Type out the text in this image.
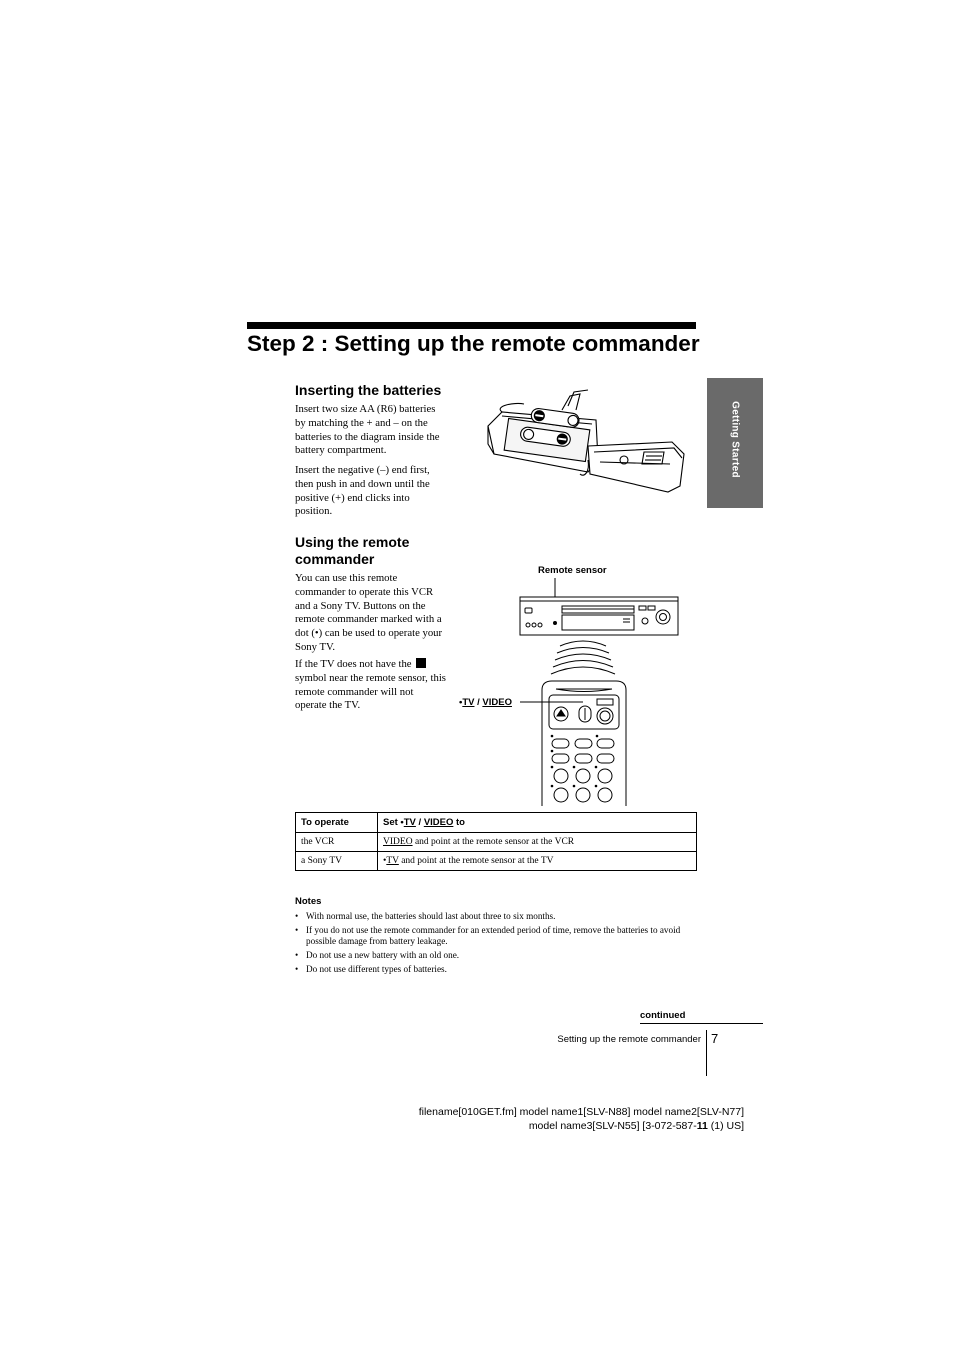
Step 2 : Setting up the remote commander
Getting Started
Inserting the batteries
Insert two size AA (R6) batteries
by matching the + and – on the
batteries to the diagram inside the
battery compartment.
Insert the negative (–) end first,
then push in and down until the
positive (+) end clicks into
position.
Using the remote
commander
You can use this remote
commander to operate this VCR
and a Sony TV. Buttons on the
remote commander marked with a
dot (•) can be used to operate your
Sony TV.
If the TV does not have the
symbol near the remote sensor, this
remote commander will not
operate the TV.
Remote sensor
•TV / VIDEO
To operate	Set •TV / VIDEO to
the VCR	VIDEO and point at the remote sensor at the VCR
a Sony TV	•TV and point at the remote sensor at the TV
Notes
• With normal use, the batteries should last about three to six months.
• If you do not use the remote commander for an extended period of time, remove the batteries to avoid possible damage from battery leakage.
• Do not use a new battery with an old one.
• Do not use different types of batteries.
continued
Setting up the remote commander 7
filename[010GET.fm] model name1[SLV-N88] model name2[SLV-N77]
model name3[SLV-N55] [3-072-587-11 (1) US]
